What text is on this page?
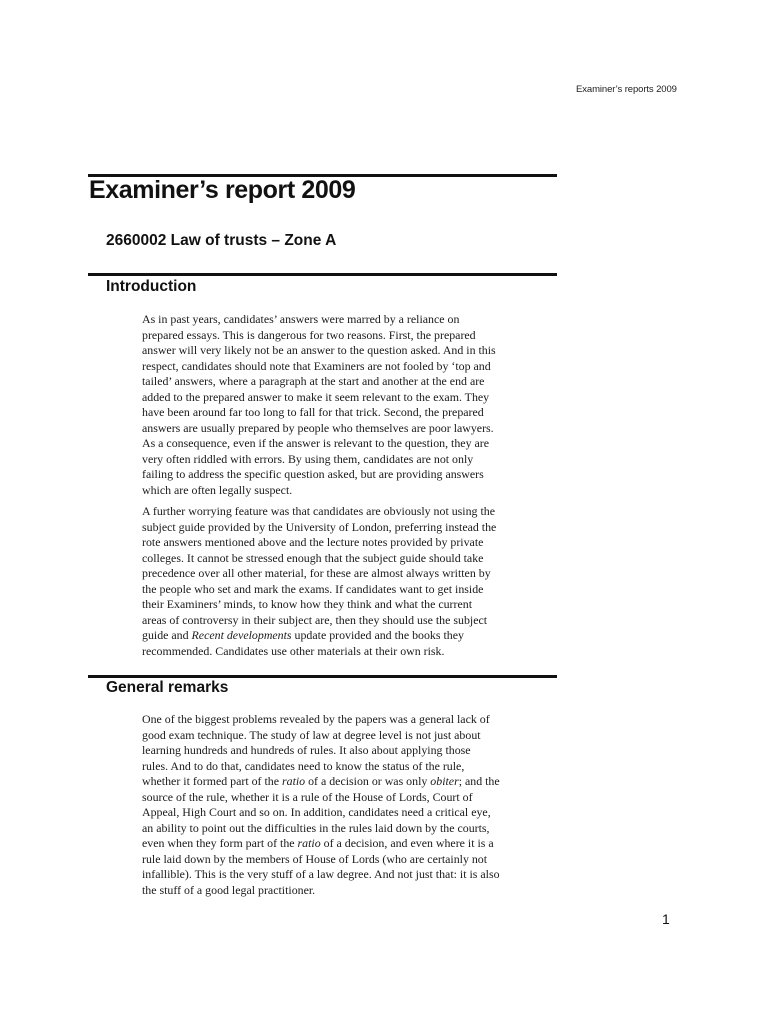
Examiner’s reports 2009
Examiner’s report 2009
2660002 Law of trusts – Zone A
Introduction

As in past years, candidates’ answers were marred by a reliance on
prepared essays. This is dangerous for two reasons. First, the prepared
answer will very likely not be an answer to the question asked. And in this
respect, candidates should note that Examiners are not fooled by ‘top and
tailed’ answers, where a paragraph at the start and another at the end are
added to the prepared answer to make it seem relevant to the exam. They
have been around far too long to fall for that trick. Second, the prepared
answers are usually prepared by people who themselves are poor lawyers.
As a consequence, even if the answer is relevant to the question, they are
very often riddled with errors. By using them, candidates are not only
failing to address the specific question asked, but are providing answers
which are often legally suspect.

A further worrying feature was that candidates are obviously not using the
subject guide provided by the University of London, preferring instead the
rote answers mentioned above and the lecture notes provided by private
colleges. It cannot be stressed enough that the subject guide should take
precedence over all other material, for these are almost always written by
the people who set and mark the exams. If candidates want to get inside
their Examiners’ minds, to know how they think and what the current
areas of controversy in their subject are, then they should use the subject
guide and Recent developments update provided and the books they
recommended. Candidates use other materials at their own risk.

General remarks

One of the biggest problems revealed by the papers was a general lack of
good exam technique. The study of law at degree level is not just about
learning hundreds and hundreds of rules. It also about applying those
rules. And to do that, candidates need to know the status of the rule,
whether it formed part of the ratio of a decision or was only obiter; and the
source of the rule, whether it is a rule of the House of Lords, Court of
Appeal, High Court and so on. In addition, candidates need a critical eye,
an ability to point out the difficulties in the rules laid down by the courts,
even when they form part of the ratio of a decision, and even where it is a
rule laid down by the members of House of Lords (who are certainly not
infallible). This is the very stuff of a law degree. And not just that: it is also
the stuff of a good legal practitioner.

1
